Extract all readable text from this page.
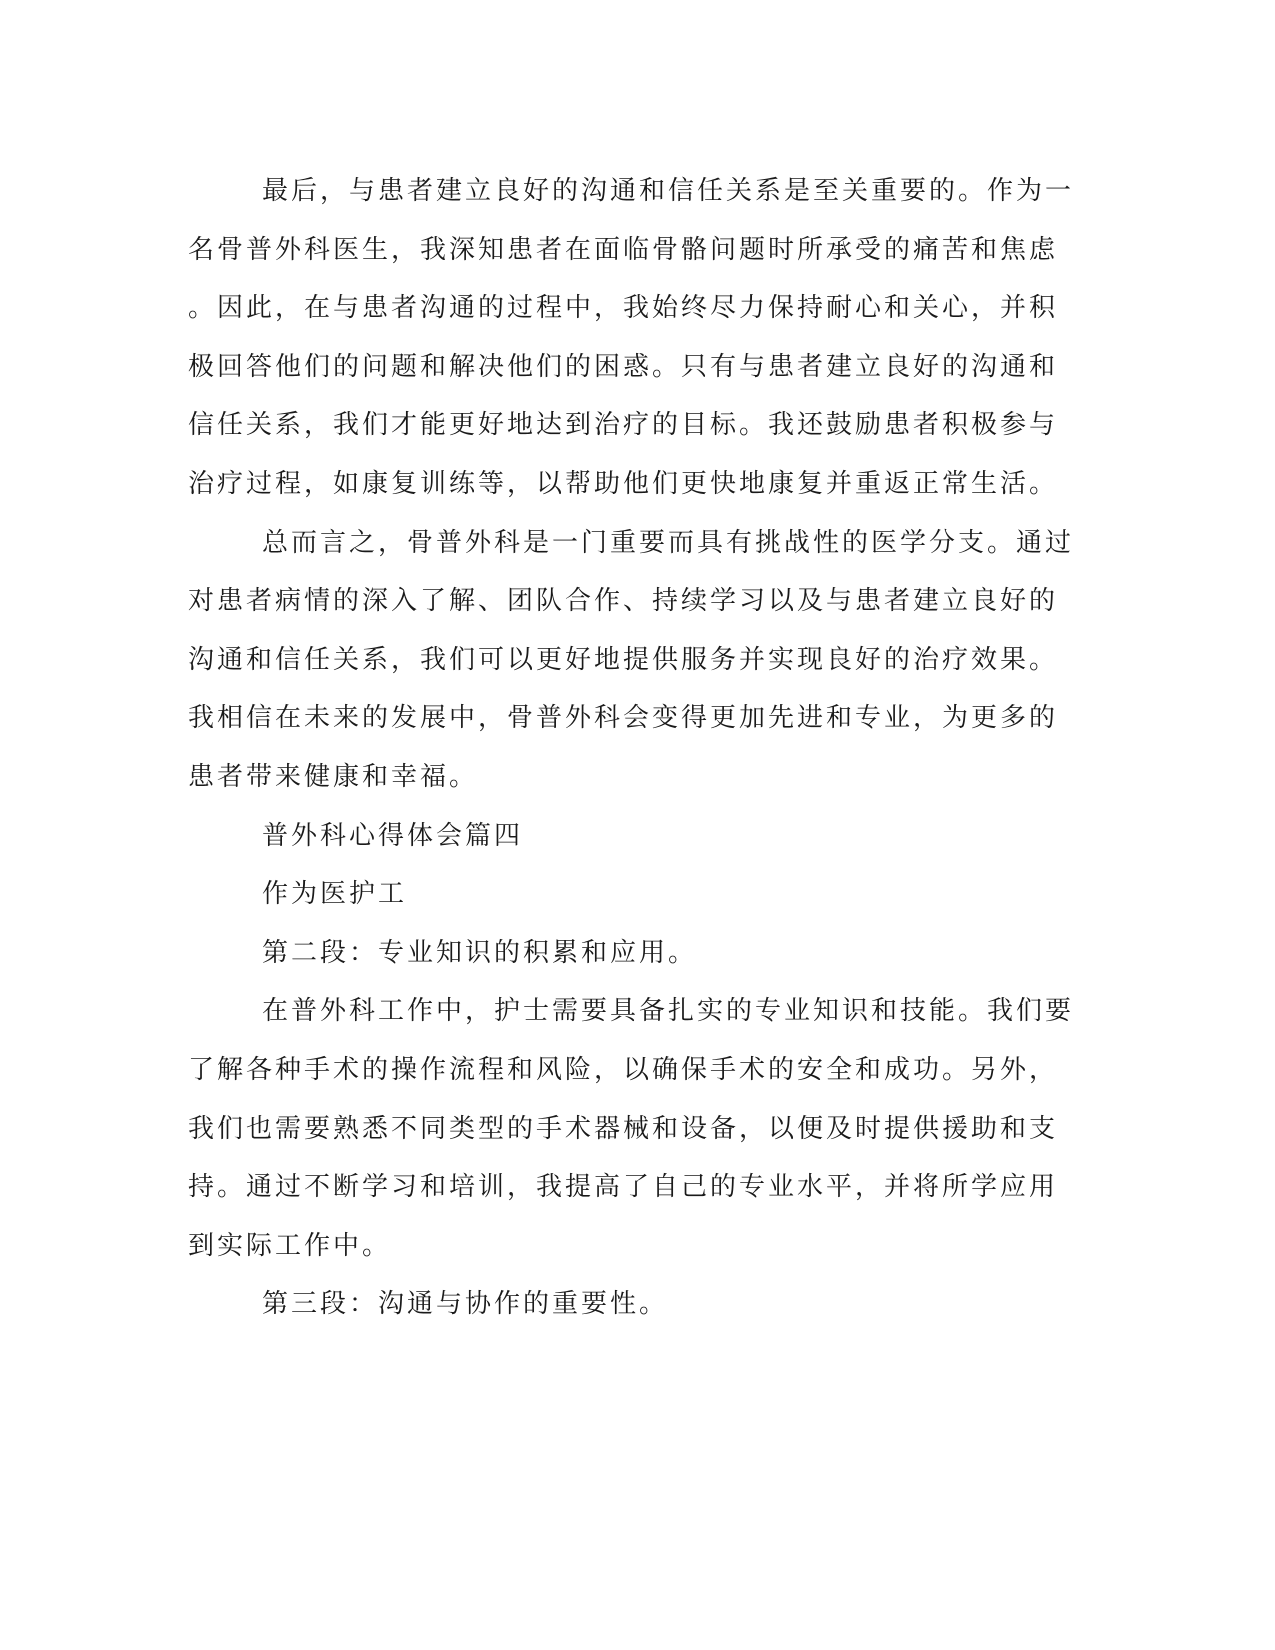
最后，与患者建立良好的沟通和信任关系是至关重要的。作为一
名骨普外科医生，我深知患者在面临骨骼问题时所承受的痛苦和焦虑
。因此，在与患者沟通的过程中，我始终尽力保持耐心和关心，并积
极回答他们的问题和解决他们的困惑。只有与患者建立良好的沟通和
信任关系，我们才能更好地达到治疗的目标。我还鼓励患者积极参与
治疗过程，如康复训练等，以帮助他们更快地康复并重返正常生活。
总而言之，骨普外科是一门重要而具有挑战性的医学分支。通过
对患者病情的深入了解、团队合作、持续学习以及与患者建立良好的
沟通和信任关系，我们可以更好地提供服务并实现良好的治疗效果。
我相信在未来的发展中，骨普外科会变得更加先进和专业，为更多的
患者带来健康和幸福。
普外科心得体会篇四
作为医护工
第二段：专业知识的积累和应用。
在普外科工作中，护士需要具备扎实的专业知识和技能。我们要
了解各种手术的操作流程和风险，以确保手术的安全和成功。另外，
我们也需要熟悉不同类型的手术器械和设备，以便及时提供援助和支
持。通过不断学习和培训，我提高了自己的专业水平，并将所学应用
到实际工作中。
第三段：沟通与协作的重要性。
